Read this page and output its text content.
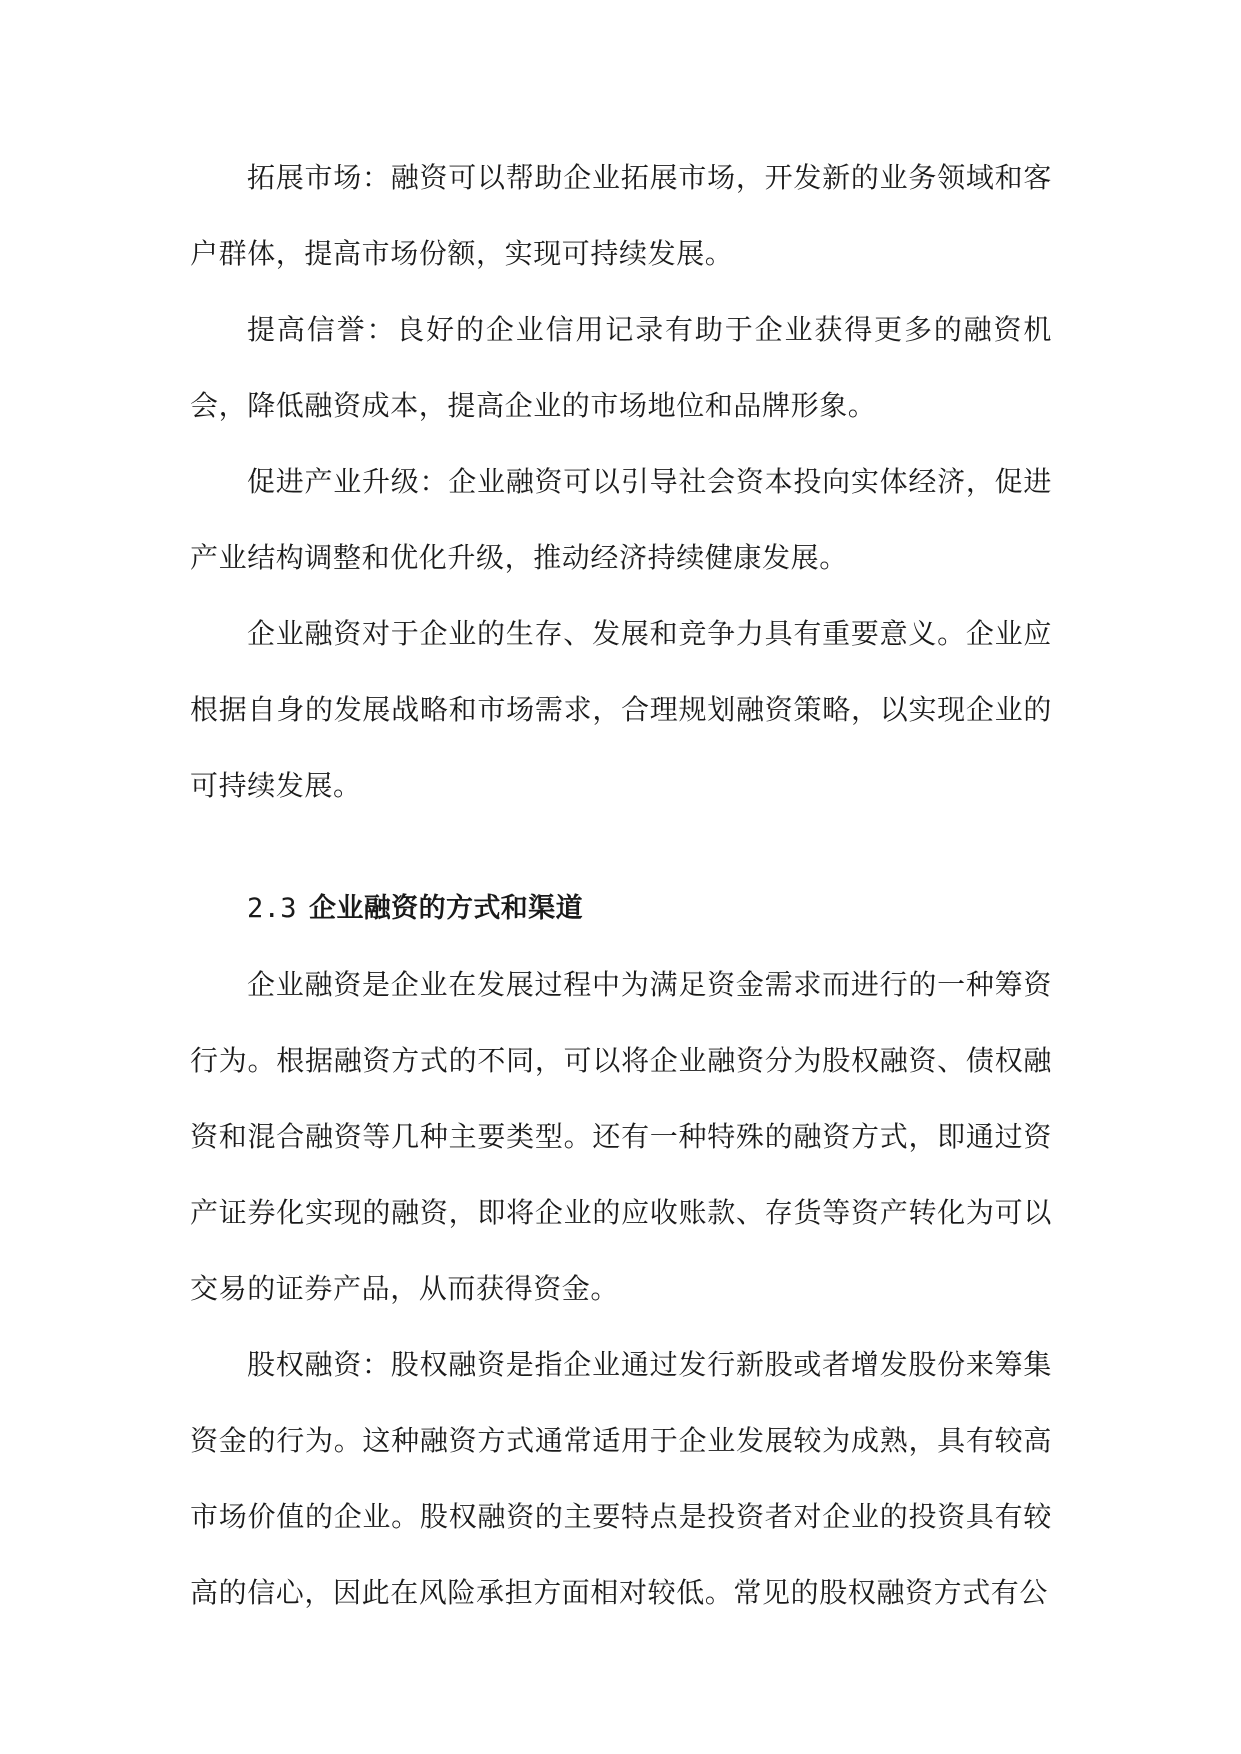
拓展市场：融资可以帮助企业拓展市场，开发新的业务领域和客户群体，提高市场份额，实现可持续发展。

提高信誉：良好的企业信用记录有助于企业获得更多的融资机会，降低融资成本，提高企业的市场地位和品牌形象。

促进产业升级：企业融资可以引导社会资本投向实体经济，促进产业结构调整和优化升级，推动经济持续健康发展。

企业融资对于企业的生存、发展和竞争力具有重要意义。企业应根据自身的发展战略和市场需求，合理规划融资策略，以实现企业的可持续发展。

2.3 企业融资的方式和渠道

企业融资是企业在发展过程中为满足资金需求而进行的一种筹资行为。根据融资方式的不同，可以将企业融资分为股权融资、债权融资和混合融资等几种主要类型。还有一种特殊的融资方式，即通过资产证券化实现的融资，即将企业的应收账款、存货等资产转化为可以交易的证券产品，从而获得资金。

股权融资：股权融资是指企业通过发行新股或者增发股份来筹集资金的行为。这种融资方式通常适用于企业发展较为成熟，具有较高市场价值的企业。股权融资的主要特点是投资者对企业的投资具有较高的信心，因此在风险承担方面相对较低。常见的股权融资方式有公
